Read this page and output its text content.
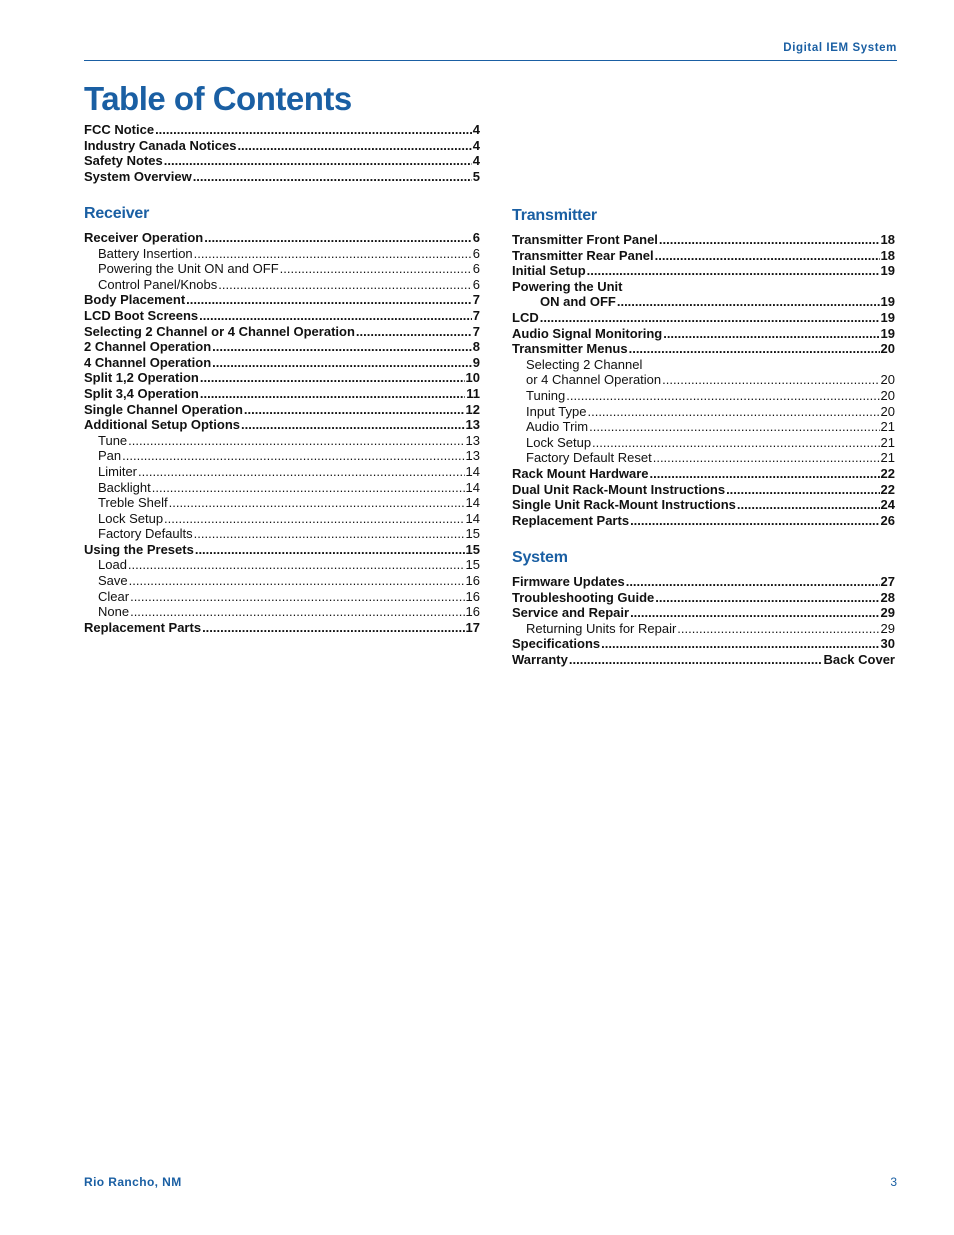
Digital IEM System
Table of Contents
FCC Notice .....	4
Industry Canada Notices .....	4
Safety Notes .....	4
System Overview .....	5
Receiver
Receiver Operation .....	6
Battery Insertion .....	6
Powering the Unit ON and OFF .....	6
Control Panel/Knobs .....	6
Body Placement .....	7
LCD Boot Screens .....	7
Selecting 2 Channel or 4 Channel Operation .....	7
2 Channel Operation .....	8
4 Channel Operation .....	9
Split 1,2 Operation .....	10
Split 3,4 Operation .....	11
Single Channel Operation .....	12
Additional Setup Options .....	13
Tune .....	13
Pan .....	13
Limiter .....	14
Backlight .....	14
Treble Shelf .....	14
Lock Setup .....	14
Factory Defaults .....	15
Using the Presets .....	15
Load .....	15
Save .....	16
Clear .....	16
None .....	16
Replacement Parts .....	17
Transmitter
Transmitter Front Panel .....	18
Transmitter Rear Panel .....	18
Initial Setup .....	19
Powering the Unit
ON and OFF .....	19
LCD .....	19
Audio Signal Monitoring .....	19
Transmitter Menus .....	20
Selecting 2 Channel
or 4 Channel Operation .....	20
Tuning .....	20
Input Type .....	20
Audio Trim .....	21
Lock Setup .....	21
Factory Default Reset .....	21
Rack Mount Hardware .....	22
Dual Unit Rack-Mount Instructions .....	22
Single Unit Rack-Mount Instructions .....	24
Replacement Parts .....	26
System
Firmware Updates .....	27
Troubleshooting Guide .....	28
Service and Repair .....	29
Returning Units for Repair .....	29
Specifications .....	30
Warranty .....	Back Cover
Rio Rancho, NM	3
